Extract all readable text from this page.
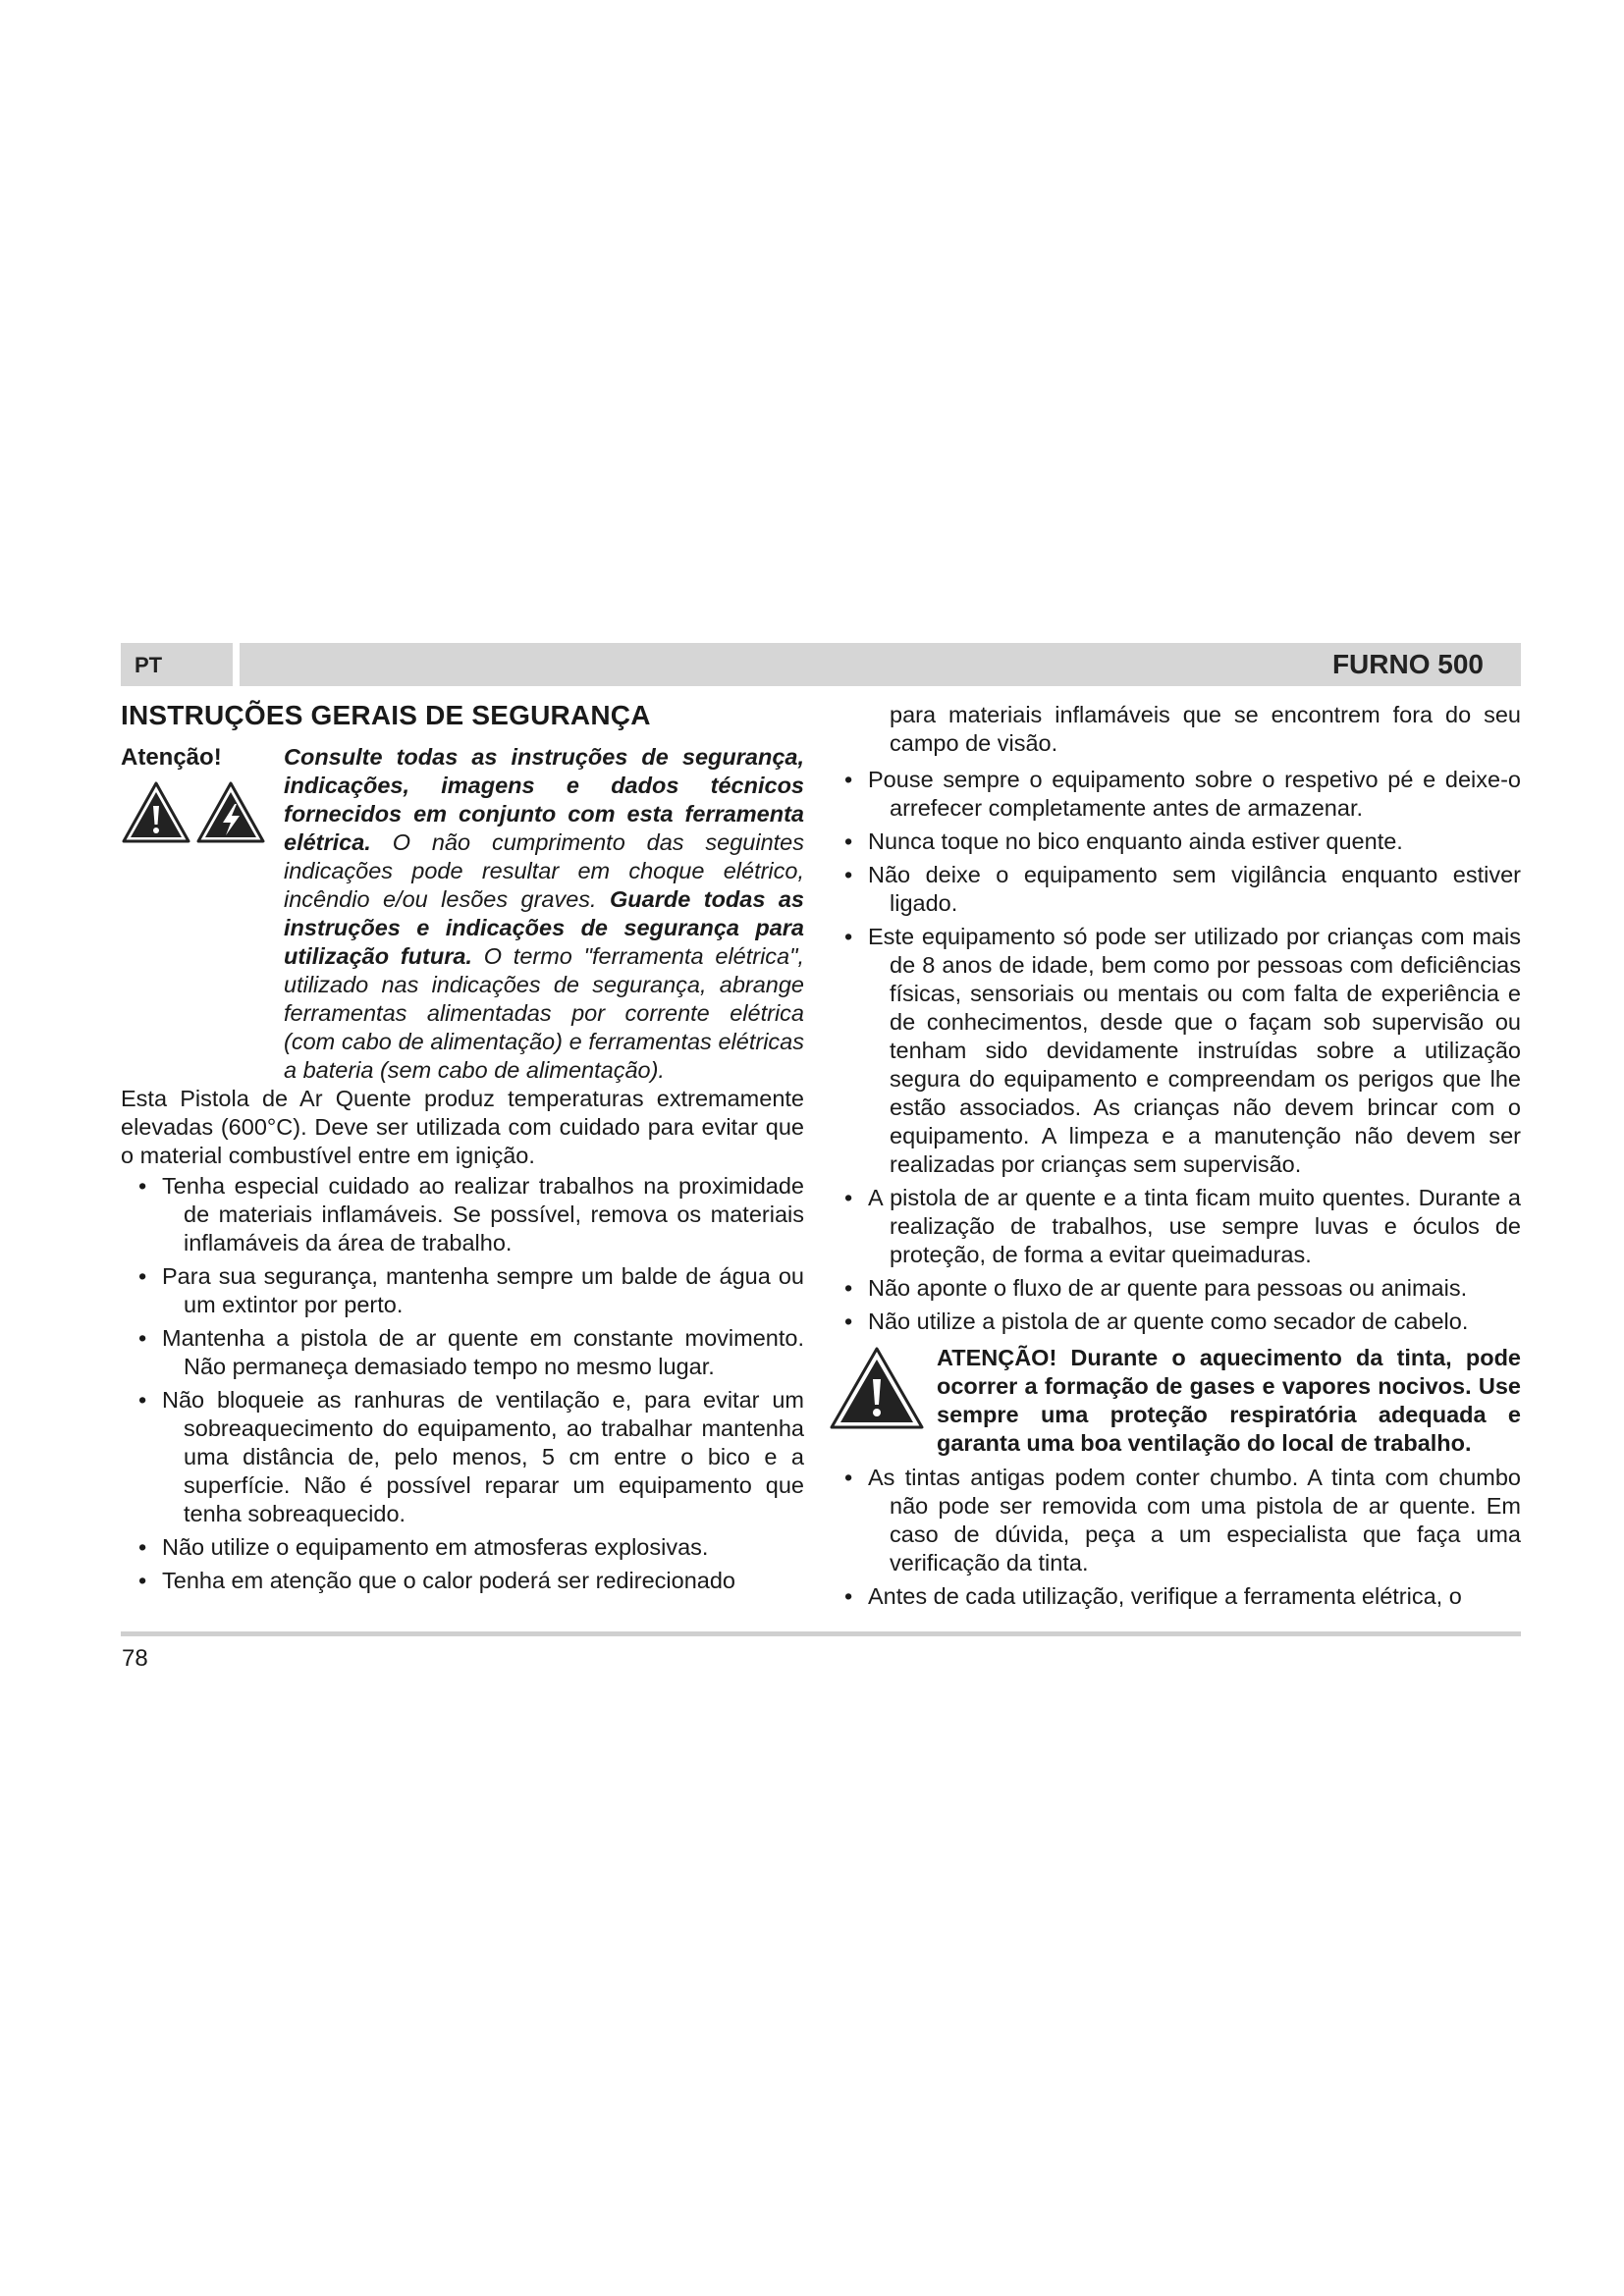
PT	FURNO 500
INSTRUÇÕES GERAIS DE SEGURANÇA
Atenção!	Consulte todas as instruções de segurança, indicações, imagens e dados técnicos fornecidos em conjunto com esta ferramenta elétrica. O não cumprimento das seguintes indicações pode resultar em choque elétrico, incêndio e/ou lesões graves. Guarde todas as instruções e indicações de segurança para utilização futura. O termo "ferramenta elétrica", utilizado nas indicações de segurança, abrange ferramentas alimentadas por corrente elétrica (com cabo de alimentação) e ferramentas elétricas a bateria (sem cabo de alimentação).

Esta Pistola de Ar Quente produz temperaturas extremamente elevadas (600°C). Deve ser utilizada com cuidado para evitar que o material combustível entre em ignição.

• Tenha especial cuidado ao realizar trabalhos na proximidade de materiais inflamáveis. Se possível, remova os materiais inflamáveis da área de trabalho.
• Para sua segurança, mantenha sempre um balde de água ou um extintor por perto.
• Mantenha a pistola de ar quente em constante movimento. Não permaneça demasiado tempo no mesmo lugar.
• Não bloqueie as ranhuras de ventilação e, para evitar um sobreaquecimento do equipamento, ao trabalhar mantenha uma distância de, pelo menos, 5 cm entre o bico e a superfície. Não é possível reparar um equipamento que tenha sobreaquecido.
• Não utilize o equipamento em atmosferas explosivas.
• Tenha em atenção que o calor poderá ser redirecionado
para materiais inflamáveis que se encontrem fora do seu campo de visão.
• Pouse sempre o equipamento sobre o respetivo pé e deixe-o arrefecer completamente antes de armazenar.
• Nunca toque no bico enquanto ainda estiver quente.
• Não deixe o equipamento sem vigilância enquanto estiver ligado.
• Este equipamento só pode ser utilizado por crianças com mais de 8 anos de idade, bem como por pessoas com deficiências físicas, sensoriais ou mentais ou com falta de experiência e de conhecimentos, desde que o façam sob supervisão ou tenham sido devidamente instruídas sobre a utilização segura do equipamento e compreendam os perigos que lhe estão associados. As crianças não devem brincar com o equipamento. A limpeza e a manutenção não devem ser realizadas por crianças sem supervisão.
• A pistola de ar quente e a tinta ficam muito quentes. Durante a realização de trabalhos, use sempre luvas e óculos de proteção, de forma a evitar queimaduras.
• Não aponte o fluxo de ar quente para pessoas ou animais.
• Não utilize a pistola de ar quente como secador de cabelo.
ATENÇÃO! Durante o aquecimento da tinta, pode ocorrer a formação de gases e vapores nocivos. Use sempre uma proteção respiratória adequada e garanta uma boa ventilação do local de trabalho.
• As tintas antigas podem conter chumbo. A tinta com chumbo não pode ser removida com uma pistola de ar quente. Em caso de dúvida, peça a um especialista que faça uma verificação da tinta.
• Antes de cada utilização, verifique a ferramenta elétrica, o
78
